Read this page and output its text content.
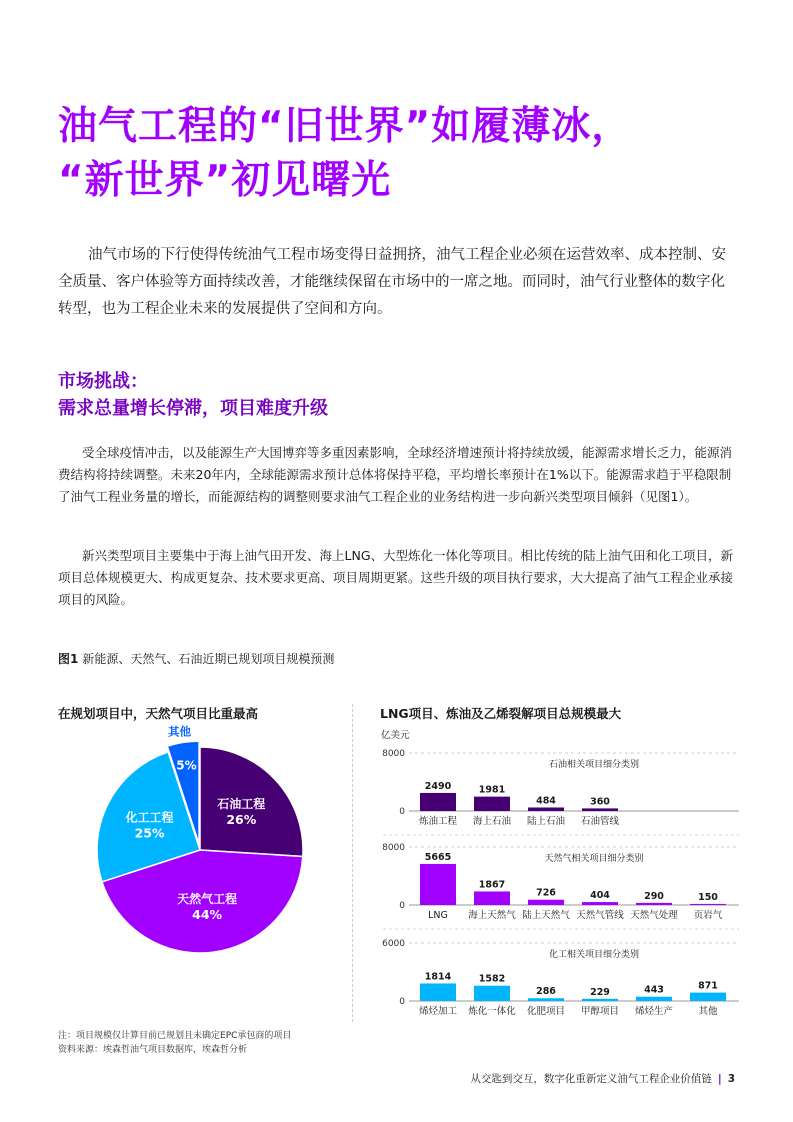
油气工程的“旧世界”如履薄冰，
“新世界”初见曙光
油气市场的下行使得传统油气工程市场变得日益拥挤，油气工程企业必须在运营效率、成本控制、安全质量、客户体验等方面持续改善，才能继续保留在市场中的一席之地。而同时，油气行业整体的数字化转型，也为工程企业未来的发展提供了空间和方向。
市场挑战：
需求总量增长停滞，项目难度升级
受全球疫情冲击，以及能源生产大国博弈等多重因素影响，全球经济增速预计将持续放缓，能源需求增长乏力，能源消费结构将持续调整。未来20年内，全球能源需求预计总体将保持平稳，平均增长率预计在1%以下。能源需求趋于平稳限制了油气工程业务量的增长，而能源结构的调整则要求油气工程企业的业务结构进一步向新兴类型项目倾斜（见图1）。
新兴类型项目主要集中于海上油气田开发、海上LNG、大型炼化一体化等项目。相比传统的陆上油气田和化工项目，新项目总体规模更大、构成更复杂、技术要求更高、项目周期更紧。这些升级的项目执行要求，大大提高了油气工程企业承接项目的风险。
图1 新能源、天然气、石油近期已规划项目规模预测
在规划项目中，天然气项目比重最高	LNG项目、炼油及乙烯裂解项目总规模最大
石油工程
26%
天然气工程
44%
化工工程
25%
5%
其他	亿美元
8000
0
石油相关项目细分类别
2490
炼油工程
1981
海上石油
484
陆上石油
360
石油管线
8000
0
天然气相关项目细分类别
5665
LNG
1867
海上天然气
726
陆上天然气
404
天然气管线
290
天然气处理
150
页岩气
6000
0
化工相关项目细分类别
1814
烯烃加工
1582
炼化一体化
286
化肥项目
229
甲醇项目
443
烯烃生产
871
其他
注：项目规模仅计算目前已规划且未确定EPC承包商的项目
资料来源：埃森哲油气项目数据库，埃森哲分析
从交匙到交互，数字化重新定义油气工程企业价值链 | 3
